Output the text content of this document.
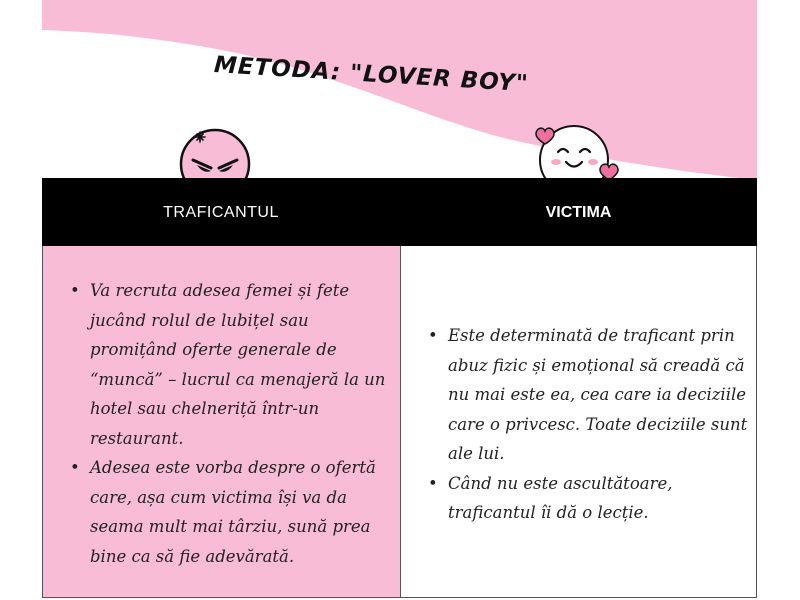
METODA: "LOVER BOY"
TRAFICANTUL	VICTIMA
• Va recruta adesea femei și fete jucând rolul de lubițel sau promițând oferte generale de “muncă” – lucrul ca menajeră la un hotel sau chelneriță într-un restaurant.
• Adesea este vorba despre o ofertă care, așa cum victima își va da seama mult mai târziu, sună prea bine ca să fie adevărată.
• Este determinată de traficant prin abuz fizic și emoțional să creadă că nu mai este ea, cea care ia deciziile care o privcesc. Toate deciziile sunt ale lui.
• Când nu este ascultătoare, traficantul îi dă o lecție.
